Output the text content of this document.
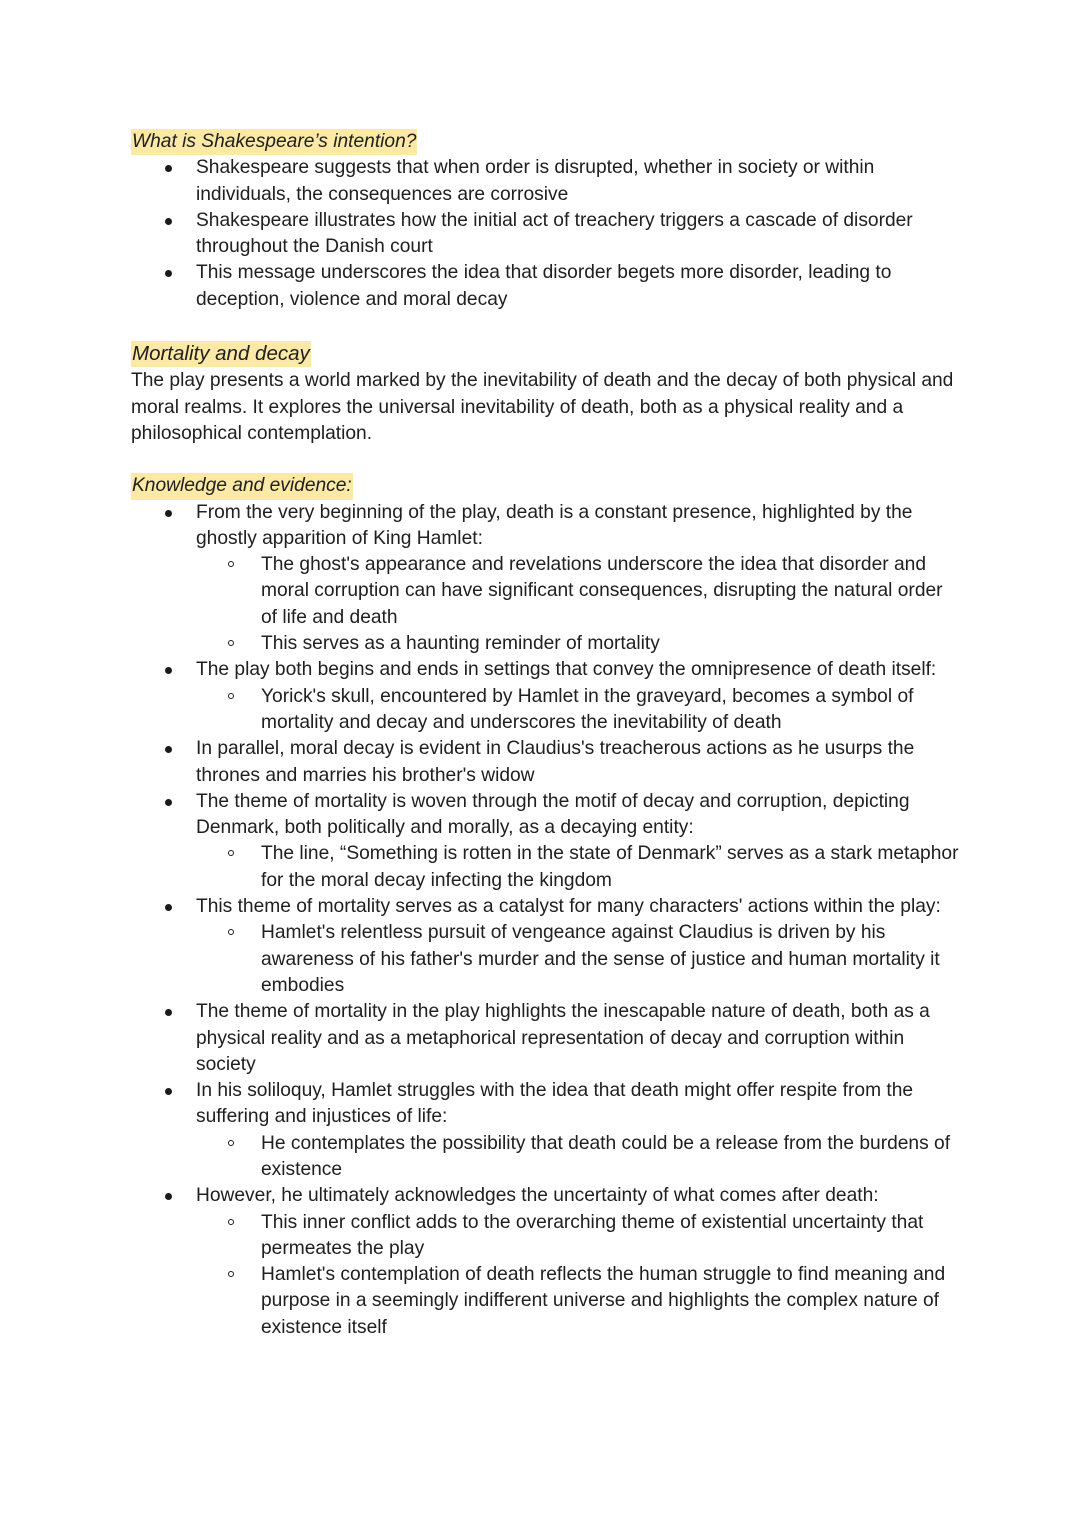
What is Shakespeare’s intention?
Shakespeare suggests that when order is disrupted, whether in society or within individuals, the consequences are corrosive
Shakespeare illustrates how the initial act of treachery triggers a cascade of disorder throughout the Danish court
This message underscores the idea that disorder begets more disorder, leading to deception, violence and moral decay
Mortality and decay

The play presents a world marked by the inevitability of death and the decay of both physical and moral realms. It explores the universal inevitability of death, both as a physical reality and a philosophical contemplation.

Knowledge and evidence:
From the very beginning of the play, death is a constant presence, highlighted by the ghostly apparition of King Hamlet:
The ghost's appearance and revelations underscore the idea that disorder and moral corruption can have significant consequences, disrupting the natural order of life and death
This serves as a haunting reminder of mortality
The play both begins and ends in settings that convey the omnipresence of death itself:
Yorick's skull, encountered by Hamlet in the graveyard, becomes a symbol of mortality and decay and underscores the inevitability of death
In parallel, moral decay is evident in Claudius's treacherous actions as he usurps the thrones and marries his brother's widow
The theme of mortality is woven through the motif of decay and corruption, depicting Denmark, both politically and morally, as a decaying entity:
The line, “Something is rotten in the state of Denmark” serves as a stark metaphor for the moral decay infecting the kingdom
This theme of mortality serves as a catalyst for many characters' actions within the play:
Hamlet's relentless pursuit of vengeance against Claudius is driven by his awareness of his father's murder and the sense of justice and human mortality it embodies
The theme of mortality in the play highlights the inescapable nature of death, both as a physical reality and as a metaphorical representation of decay and corruption within society
In his soliloquy, Hamlet struggles with the idea that death might offer respite from the suffering and injustices of life:
He contemplates the possibility that death could be a release from the burdens of existence
However, he ultimately acknowledges the uncertainty of what comes after death:
This inner conflict adds to the overarching theme of existential uncertainty that permeates the play
Hamlet's contemplation of death reflects the human struggle to find meaning and purpose in a seemingly indifferent universe and highlights the complex nature of existence itself
